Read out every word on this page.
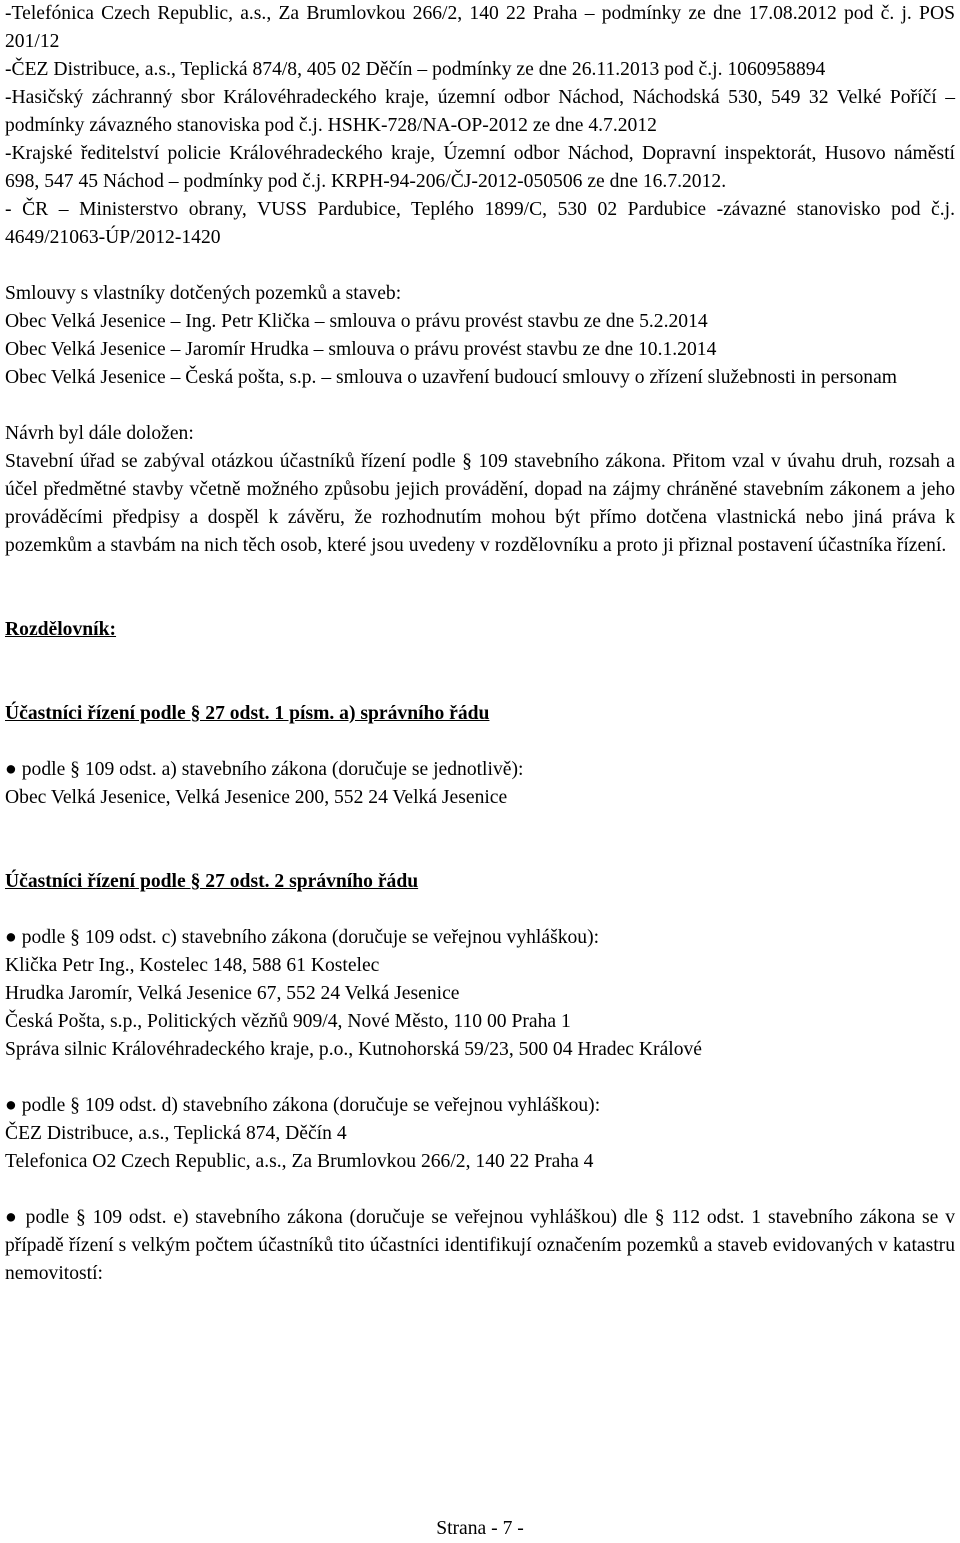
-Telefónica Czech Republic, a.s., Za Brumlovkou 266/2, 140 22 Praha – podmínky ze dne 17.08.2012 pod č. j. POS 201/12

-ČEZ Distribuce, a.s., Teplická 874/8, 405 02 Děčín – podmínky ze dne 26.11.2013 pod č.j. 1060958894

-Hasičský záchranný sbor Královéhradeckého kraje, územní odbor Náchod, Náchodská 530, 549 32 Velké Poříčí – podmínky závazného stanoviska pod č.j. HSHK-728/NA-OP-2012 ze dne 4.7.2012

-Krajské ředitelství policie Královéhradeckého kraje, Územní odbor Náchod, Dopravní inspektorát, Husovo náměstí 698, 547 45 Náchod – podmínky pod č.j. KRPH-94-206/ČJ-2012-050506 ze dne 16.7.2012.

- ČR – Ministerstvo obrany, VUSS Pardubice, Teplého 1899/C, 530 02 Pardubice -závazné stanovisko pod č.j. 4649/21063-ÚP/2012-1420

Smlouvy s vlastníky dotčených pozemků a staveb:

Obec Velká Jesenice – Ing. Petr Klička – smlouva o právu provést stavbu ze dne 5.2.2014

Obec Velká Jesenice – Jaromír Hrudka – smlouva o právu provést stavbu ze dne 10.1.2014

Obec Velká Jesenice – Česká pošta, s.p. – smlouva o uzavření budoucí smlouvy o zřízení služebnosti in personam

Návrh byl dále doložen:

Stavební úřad se zabýval otázkou účastníků řízení podle § 109 stavebního zákona. Přitom vzal v úvahu druh, rozsah a účel předmětné stavby včetně možného způsobu jejich provádění, dopad na zájmy chráněné stavebním zákonem a jeho prováděcími předpisy a dospěl k závěru, že rozhodnutím mohou být přímo dotčena vlastnická nebo jiná práva k pozemkům a stavbám na nich těch osob, které jsou uvedeny v rozdělovníku a proto ji přiznal postavení účastníka řízení.

Rozdělovník:

Účastníci řízení podle § 27 odst. 1 písm. a) správního řádu

● podle § 109 odst. a) stavebního zákona (doručuje se jednotlivě):

Obec Velká Jesenice, Velká Jesenice 200, 552 24 Velká Jesenice

Účastníci řízení podle § 27 odst. 2 správního řádu

● podle § 109 odst. c) stavebního zákona (doručuje se veřejnou vyhláškou):

Klička Petr Ing., Kostelec 148, 588 61 Kostelec

Hrudka Jaromír, Velká Jesenice 67, 552 24 Velká Jesenice

Česká Pošta, s.p., Politických vězňů 909/4, Nové Město, 110 00 Praha 1

Správa silnic Královéhradeckého kraje, p.o., Kutnohorská 59/23, 500 04 Hradec Králové

● podle § 109 odst. d) stavebního zákona (doručuje se veřejnou vyhláškou):

ČEZ Distribuce, a.s., Teplická 874, Děčín 4

Telefonica O2 Czech Republic, a.s., Za Brumlovkou 266/2, 140 22 Praha 4

● podle § 109 odst. e) stavebního zákona (doručuje se veřejnou vyhláškou) dle § 112 odst. 1 stavebního zákona se v případě řízení s velkým počtem účastníků tito účastníci identifikují označením pozemků a staveb evidovaných v katastru nemovitostí:

Strana - 7 -
